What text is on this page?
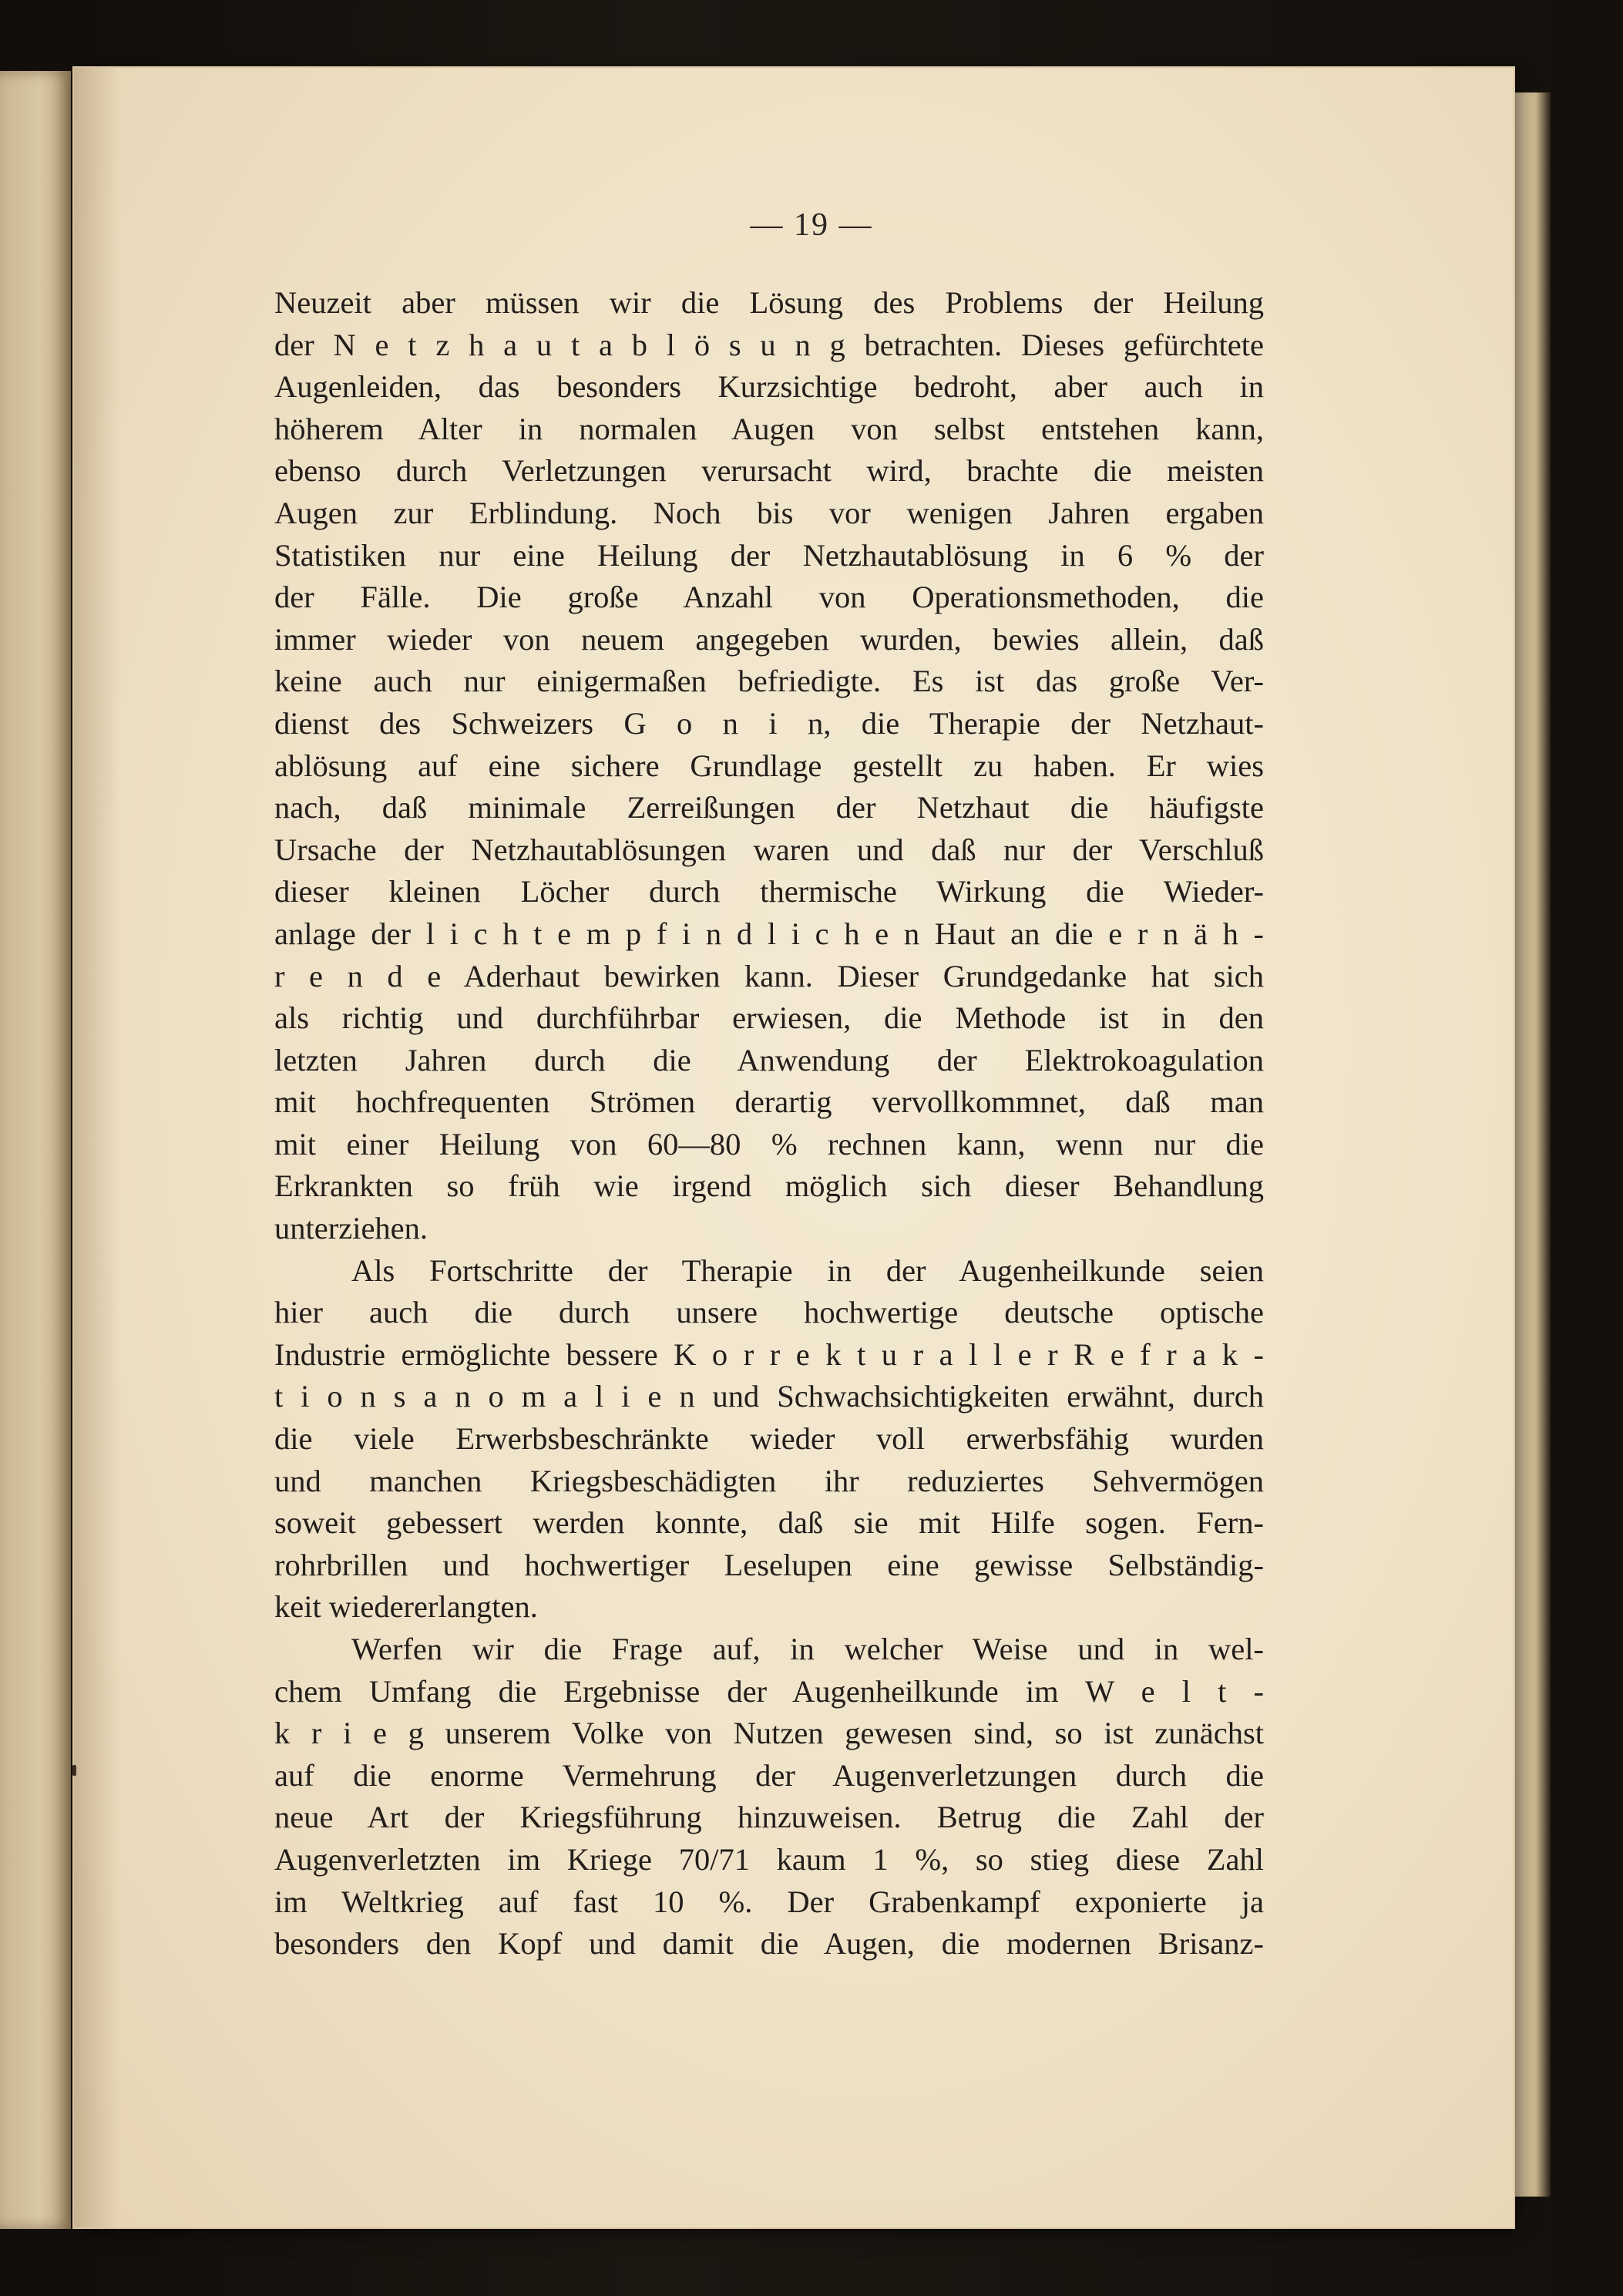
— 19 —
Neuzeit aber müssen wir die Lösung des Problems der Heilung
der N e t z h a u t a b l ö s u n g betrachten. Dieses gefürchtete
Augenleiden, das besonders Kurzsichtige bedroht, aber auch in
höherem Alter in normalen Augen von selbst entstehen kann,
ebenso durch Verletzungen verursacht wird, brachte die meisten
Augen zur Erblindung. Noch bis vor wenigen Jahren ergaben
Statistiken nur eine Heilung der Netzhautablösung in 6 % der
der Fälle. Die große Anzahl von Operationsmethoden, die
immer wieder von neuem angegeben wurden, bewies allein, daß
keine auch nur einigermaßen befriedigte. Es ist das große Ver-
dienst des Schweizers G o n i n, die Therapie der Netzhaut-
ablösung auf eine sichere Grundlage gestellt zu haben. Er wies
nach, daß minimale Zerreißungen der Netzhaut die häufigste
Ursache der Netzhautablösungen waren und daß nur der Verschluß
dieser kleinen Löcher durch thermische Wirkung die Wieder-
anlage der l i c h t e m p f i n d l i c h e n Haut an die e r n ä h -
r e n d e Aderhaut bewirken kann. Dieser Grundgedanke hat sich
als richtig und durchführbar erwiesen, die Methode ist in den
letzten Jahren durch die Anwendung der Elektrokoagulation
mit hochfrequenten Strömen derartig vervollkommnet, daß man
mit einer Heilung von 60—80 % rechnen kann, wenn nur die
Erkrankten so früh wie irgend möglich sich dieser Behandlung
unterziehen.
Als Fortschritte der Therapie in der Augenheilkunde seien
hier auch die durch unsere hochwertige deutsche optische
Industrie ermöglichte bessere K o r r e k t u r a l l e r R e f r a k -
t i o n s a n o m a l i e n und Schwachsichtigkeiten erwähnt, durch
die viele Erwerbsbeschränkte wieder voll erwerbsfähig wurden
und manchen Kriegsbeschädigten ihr reduziertes Sehvermögen
soweit gebessert werden konnte, daß sie mit Hilfe sogen. Fern-
rohrbrillen und hochwertiger Leselupen eine gewisse Selbständig-
keit wiedererlangten.
Werfen wir die Frage auf, in welcher Weise und in wel-
chem Umfang die Ergebnisse der Augenheilkunde im W e l t -
k r i e g unserem Volke von Nutzen gewesen sind, so ist zunächst
auf die enorme Vermehrung der Augenverletzungen durch die
neue Art der Kriegsführung hinzuweisen. Betrug die Zahl der
Augenverletzten im Kriege 70/71 kaum 1 %, so stieg diese Zahl
im Weltkrieg auf fast 10 %. Der Grabenkampf exponierte ja
besonders den Kopf und damit die Augen, die modernen Brisanz-
